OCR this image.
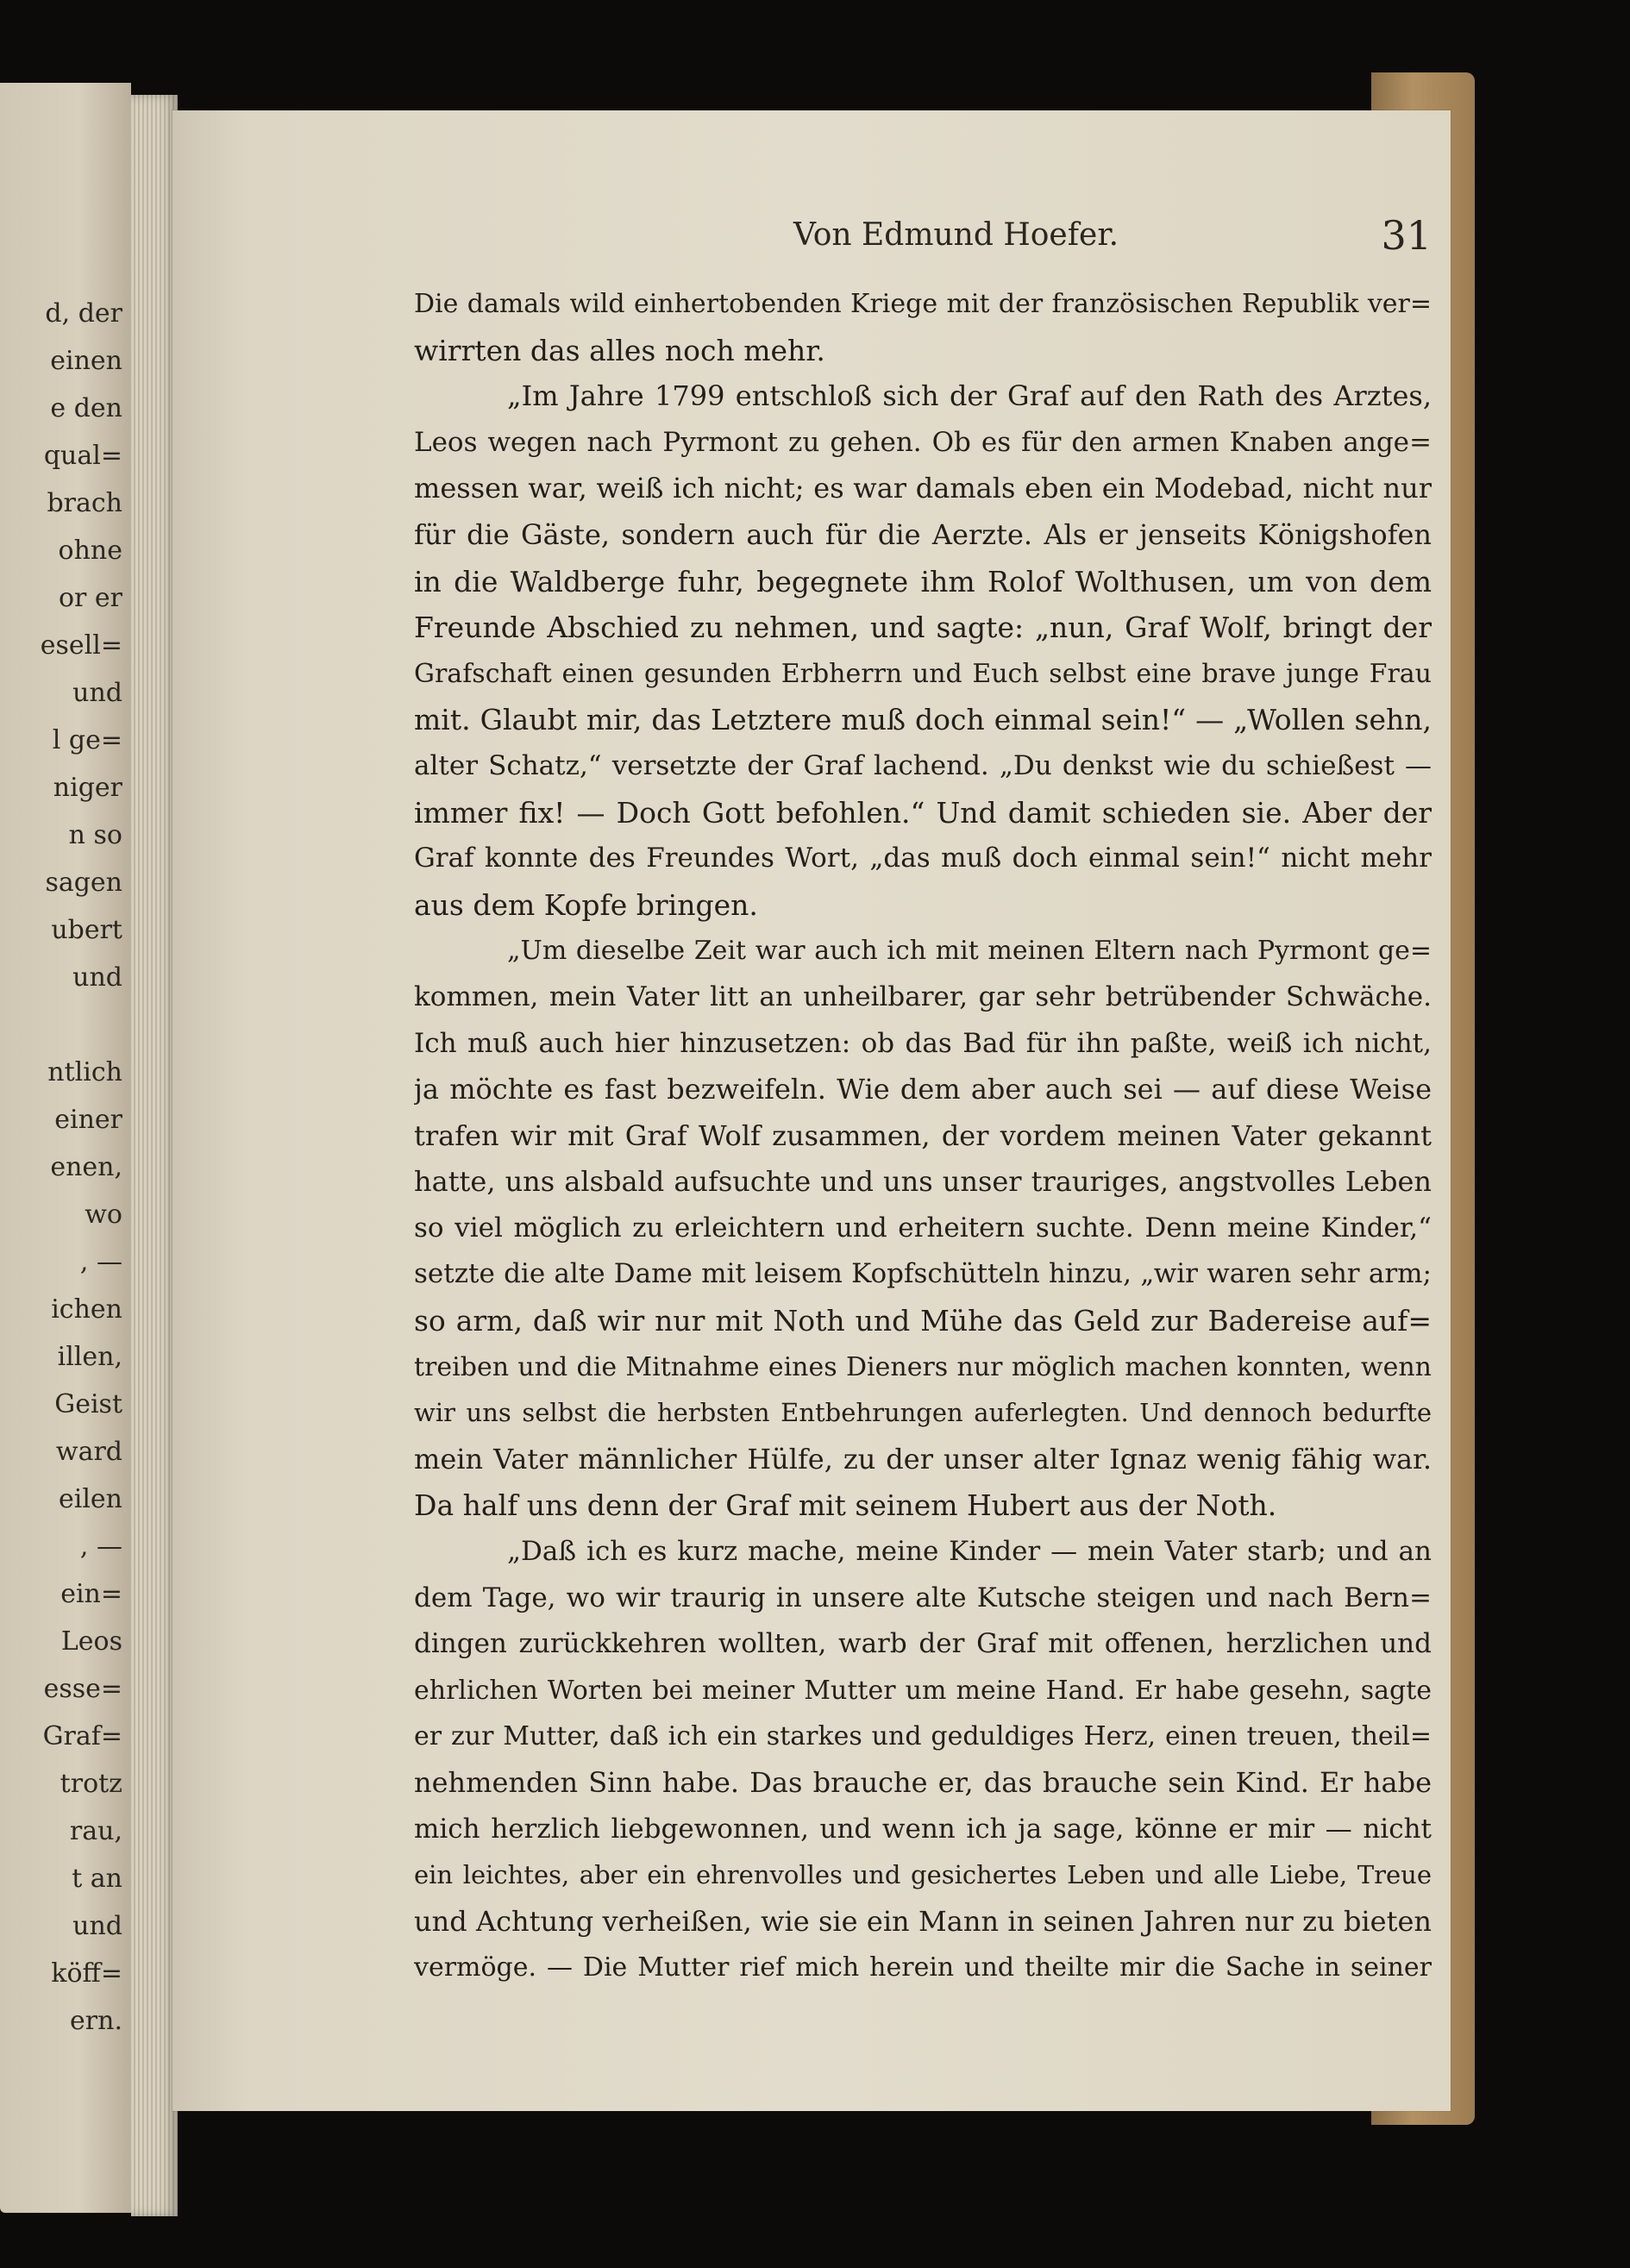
d, der
einen
e den
qual=
brach
ohne
or er
esell=
und
l ge=
niger
n so
sagen
ubert
und
ntlich
einer
enen,
wo
, —
ichen
illen,
Geist
ward
eilen
, —
ein=
Leos
esse=
Graf=
trotz
rau,
t an
und
köff=
ern.
Von Edmund Hoefer.	31
Die damals wild einhertobenden Kriege mit der französischen Republik ver=
wirrten das alles noch mehr.
„Im Jahre 1799 entschloß sich der Graf auf den Rath des Arztes,
Leos wegen nach Pyrmont zu gehen. Ob es für den armen Knaben ange=
messen war, weiß ich nicht; es war damals eben ein Modebad, nicht nur
für die Gäste, sondern auch für die Aerzte. Als er jenseits Königshofen
in die Waldberge fuhr, begegnete ihm Rolof Wolthusen, um von dem
Freunde Abschied zu nehmen, und sagte: „nun, Graf Wolf, bringt der
Grafschaft einen gesunden Erbherrn und Euch selbst eine brave junge Frau
mit. Glaubt mir, das Letztere muß doch einmal sein!“ — „Wollen sehn,
alter Schatz,“ versetzte der Graf lachend. „Du denkst wie du schießest —
immer fix! — Doch Gott befohlen.“ Und damit schieden sie. Aber der
Graf konnte des Freundes Wort, „das muß doch einmal sein!“ nicht mehr
aus dem Kopfe bringen.
„Um dieselbe Zeit war auch ich mit meinen Eltern nach Pyrmont ge=
kommen, mein Vater litt an unheilbarer, gar sehr betrübender Schwäche.
Ich muß auch hier hinzusetzen: ob das Bad für ihn paßte, weiß ich nicht,
ja möchte es fast bezweifeln. Wie dem aber auch sei — auf diese Weise
trafen wir mit Graf Wolf zusammen, der vordem meinen Vater gekannt
hatte, uns alsbald aufsuchte und uns unser trauriges, angstvolles Leben
so viel möglich zu erleichtern und erheitern suchte. Denn meine Kinder,“
setzte die alte Dame mit leisem Kopfschütteln hinzu, „wir waren sehr arm;
so arm, daß wir nur mit Noth und Mühe das Geld zur Badereise auf=
treiben und die Mitnahme eines Dieners nur möglich machen konnten, wenn
wir uns selbst die herbsten Entbehrungen auferlegten. Und dennoch bedurfte
mein Vater männlicher Hülfe, zu der unser alter Ignaz wenig fähig war.
Da half uns denn der Graf mit seinem Hubert aus der Noth.
„Daß ich es kurz mache, meine Kinder — mein Vater starb; und an
dem Tage, wo wir traurig in unsere alte Kutsche steigen und nach Bern=
dingen zurückkehren wollten, warb der Graf mit offenen, herzlichen und
ehrlichen Worten bei meiner Mutter um meine Hand. Er habe gesehn, sagte
er zur Mutter, daß ich ein starkes und geduldiges Herz, einen treuen, theil=
nehmenden Sinn habe. Das brauche er, das brauche sein Kind. Er habe
mich herzlich liebgewonnen, und wenn ich ja sage, könne er mir — nicht
ein leichtes, aber ein ehrenvolles und gesichertes Leben und alle Liebe, Treue
und Achtung verheißen, wie sie ein Mann in seinen Jahren nur zu bieten
vermöge. — Die Mutter rief mich herein und theilte mir die Sache in seiner
